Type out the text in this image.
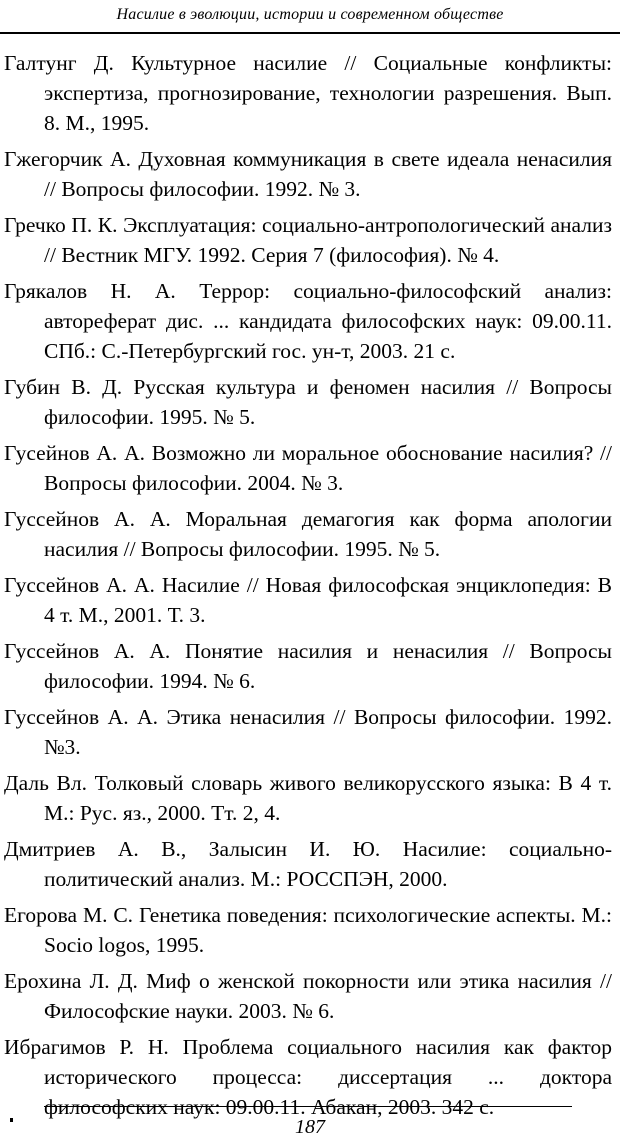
Насилие в эволюции, истории и современном обществе

Галтунг Д. Культурное насилие // Социальные конфликты: экспертиза, прогнозирование, технологии разрешения. Вып. 8. М., 1995.

Гжегорчик А. Духовная коммуникация в свете идеала ненасилия // Вопросы философии. 1992. № 3.

Гречко П. К. Эксплуатация: социально-антропологический анализ // Вестник МГУ. 1992. Серия 7 (философия). № 4.

Грякалов Н. А. Террор: социально-философский анализ: автореферат дис. ... кандидата философских наук: 09.00.11. СПб.: С.-Петербургский гос. ун-т, 2003. 21 с.

Губин В. Д. Русская культура и феномен насилия // Вопросы философии. 1995. № 5.

Гусейнов А. А. Возможно ли моральное обоснование насилия? // Вопросы философии. 2004. № 3.

Гуссейнов А. А. Моральная демагогия как форма апологии насилия // Вопросы философии. 1995. № 5.

Гуссейнов А. А. Насилие // Новая философская энциклопедия: В 4 т. М., 2001. Т. 3.

Гуссейнов А. А. Понятие насилия и ненасилия // Вопросы философии. 1994. № 6.

Гуссейнов А. А. Этика ненасилия // Вопросы философии. 1992. №3.

Даль Вл. Толковый словарь живого великорусского языка: В 4 т. М.: Рус. яз., 2000. Тт. 2, 4.

Дмитриев А. В., Залысин И. Ю. Насилие: социально-политический анализ. М.: РОССПЭН, 2000.

Егорова М. С. Генетика поведения: психологические аспекты. М.: Socio logos, 1995.

Ерохина Л. Д. Миф о женской покорности или этика насилия // Философские науки. 2003. № 6.

Ибрагимов Р. Н. Проблема социального насилия как фактор исторического процесса: диссертация ... доктора философских наук: 09.00.11. Абакан, 2003. 342 с.

187
